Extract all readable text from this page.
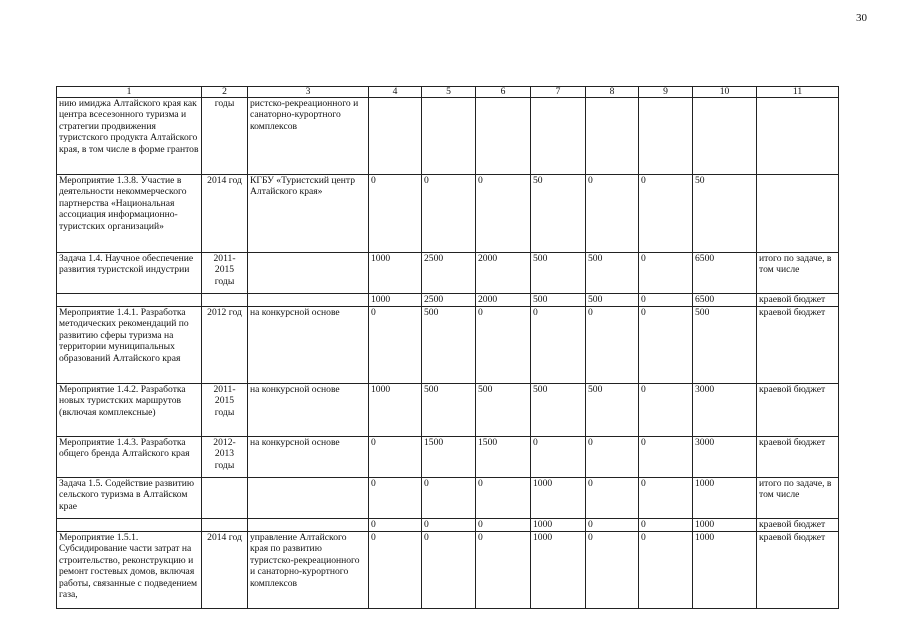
30
1	2	3	4	5	6	7	8	9	10	11
нию имиджа Алтайского края как центра всесезонного туризма и стратегии продвижения туристского продукта Алтайского края, в том числе в форме грантов	годы	ристско-рекреационного и санаторно-курортного комплексов								
Мероприятие 1.3.8. Участие в деятельности некоммерческого партнерства «Национальная ассоциация информационно-туристских организаций»	2014 год	КГБУ «Туристский центр Алтайского края»	0	0	0	50	0	0	50	
Задача 1.4. Научное обеспечение развития туристской индустрии	2011-2015 годы		1000	2500	2000	500	500	0	6500	итого по задаче, в том числе
			1000	2500	2000	500	500	0	6500	краевой бюджет
Мероприятие 1.4.1. Разработка методических рекомендаций по развитию сферы туризма на территории муниципальных образований Алтайского края	2012 год	на конкурсной основе	0	500	0	0	0	0	500	краевой бюджет
Мероприятие 1.4.2. Разработка новых туристских маршрутов (включая комплексные)	2011-2015 годы	на конкурсной основе	1000	500	500	500	500	0	3000	краевой бюджет
Мероприятие 1.4.3. Разработка общего бренда Алтайского края	2012-2013 годы	на конкурсной основе	0	1500	1500	0	0	0	3000	краевой бюджет
Задача 1.5. Содействие развитию сельского туризма в Алтайском крае			0	0	0	1000	0	0	1000	итого по задаче, в том числе
			0	0	0	1000	0	0	1000	краевой бюджет
Мероприятие 1.5.1. Субсидирование части затрат на строительство, реконструкцию и ремонт гостевых домов, включая работы, связанные с подведением газа,	2014 год	управление Алтайского края по развитию туристско-рекреационного и санаторно-курортного комплексов	0	0	0	1000	0	0	1000	краевой бюджет
